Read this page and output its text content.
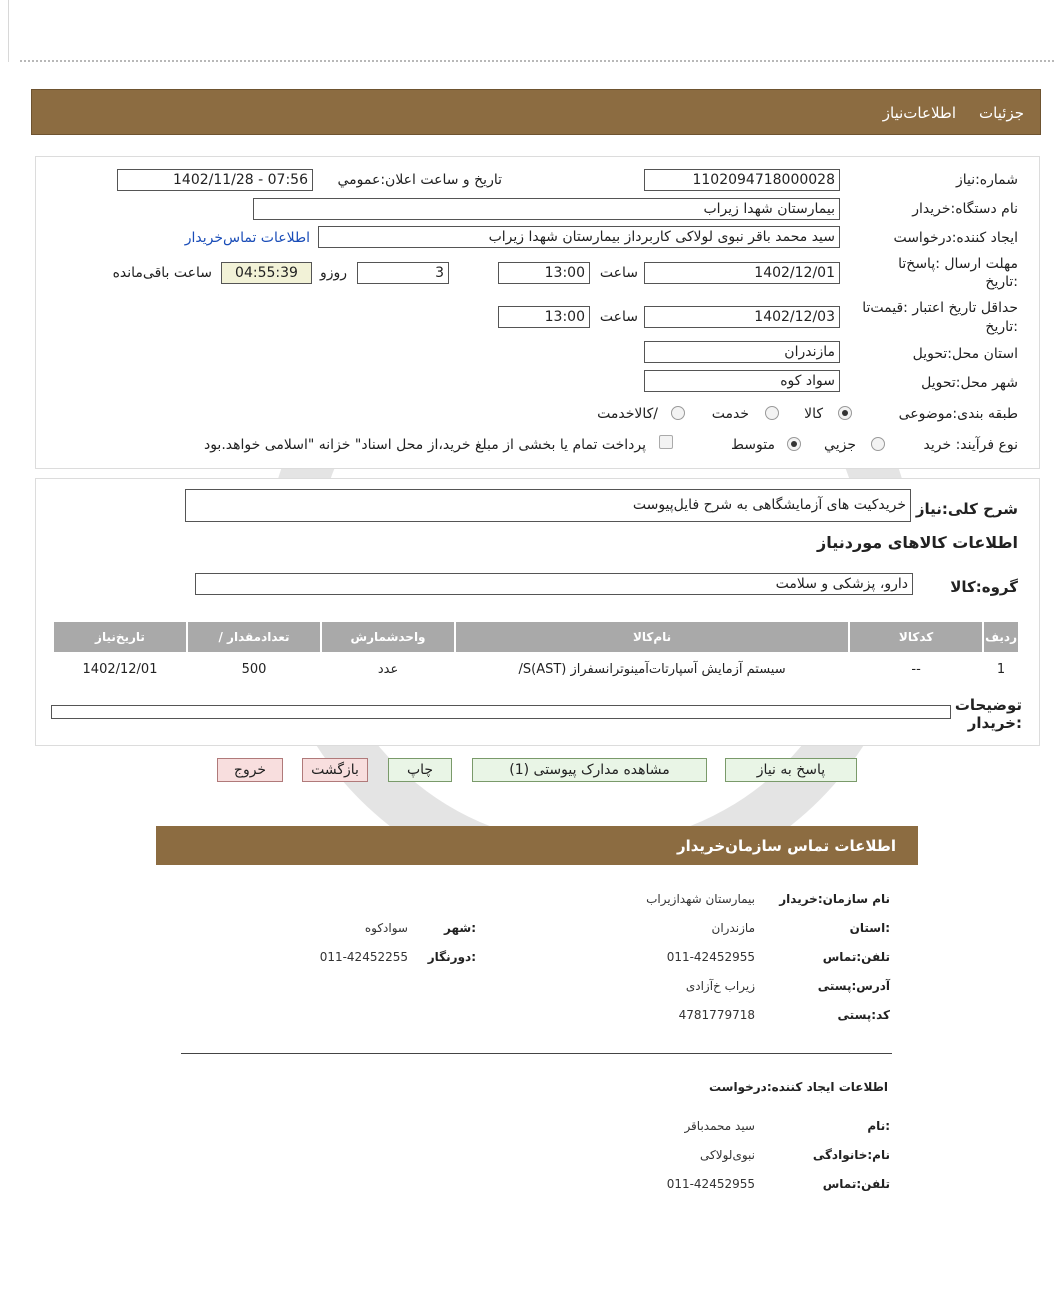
جزئیات
اطلاعات‌نیاز
شماره:نیاز
1102094718000028
تاريخ و ساعت اعلان:عمومي
1402/11/28 - 07:56
نام دستگاه:خریدار
بیمارستان شهدا زیراب
ایجاد کننده:درخواست
سید محمد باقر نبوی لولاکی کاربرداز بیمارستان شهدا زیراب
اطلاعات تماس‌خریدار
مهلت ارسال :پاسخ‌تا
:تاریخ
1402/12/01
ساعت
13:00
3
روزو
04:55:39
ساعت باقی‌مانده
حداقل تاریخ اعتبار :قیمت‌تا
:تاریخ
1402/12/03
ساعت
13:00
استان محل:تحویل
مازندران
شهر محل:تحویل
سواد کوه
طبقه بندی:موضوعی
کالا
خدمت
/کالاخدمت
نوع فرآیند: خرید
جزیي
متوسط
پرداخت تمام یا بخشی از مبلغ خرید،از محل اسناد" خزانه "اسلامی خواهد.بود
شرح کلی:نیاز
خریدکیت های آزمایشگاهی به شرح فایل‌پیوست
اطلاعات کالاهای موردنیاز
گروه:کالا
دارو، پزشکی و سلامت
تاریخ‌نیاز	/ تعدادمقدار	واحدشمارش	نام‌کالا	کدکالا	ردیف
1402/12/01	500	عدد	سیستم آزمایش آسپارتات‌آمینوترانسفراز S(AST)/	--	1
توضیحات :خریدار
پاسخ به نیاز
مشاهده مدارک پیوستی (1)
چاپ
بازگشت
خروج
اطلاعات تماس سازمان‌خریدار
نام سازمان:خریدار
بیمارستان شهدازیراب
:استان
مازندران
:شهر
سوادکوه
تلفن:تماس
011-42452955
:دورنگار
011-42452255
آدرس:پستی
زیراب خ‌آزادی
کد:پستی
4781779718
اطلاعات ایجاد کننده:درخواست
:نام
سید محمدباقر
نام:خانوادگی
نبوی‌لولاکی
تلفن:تماس
011-42452955
